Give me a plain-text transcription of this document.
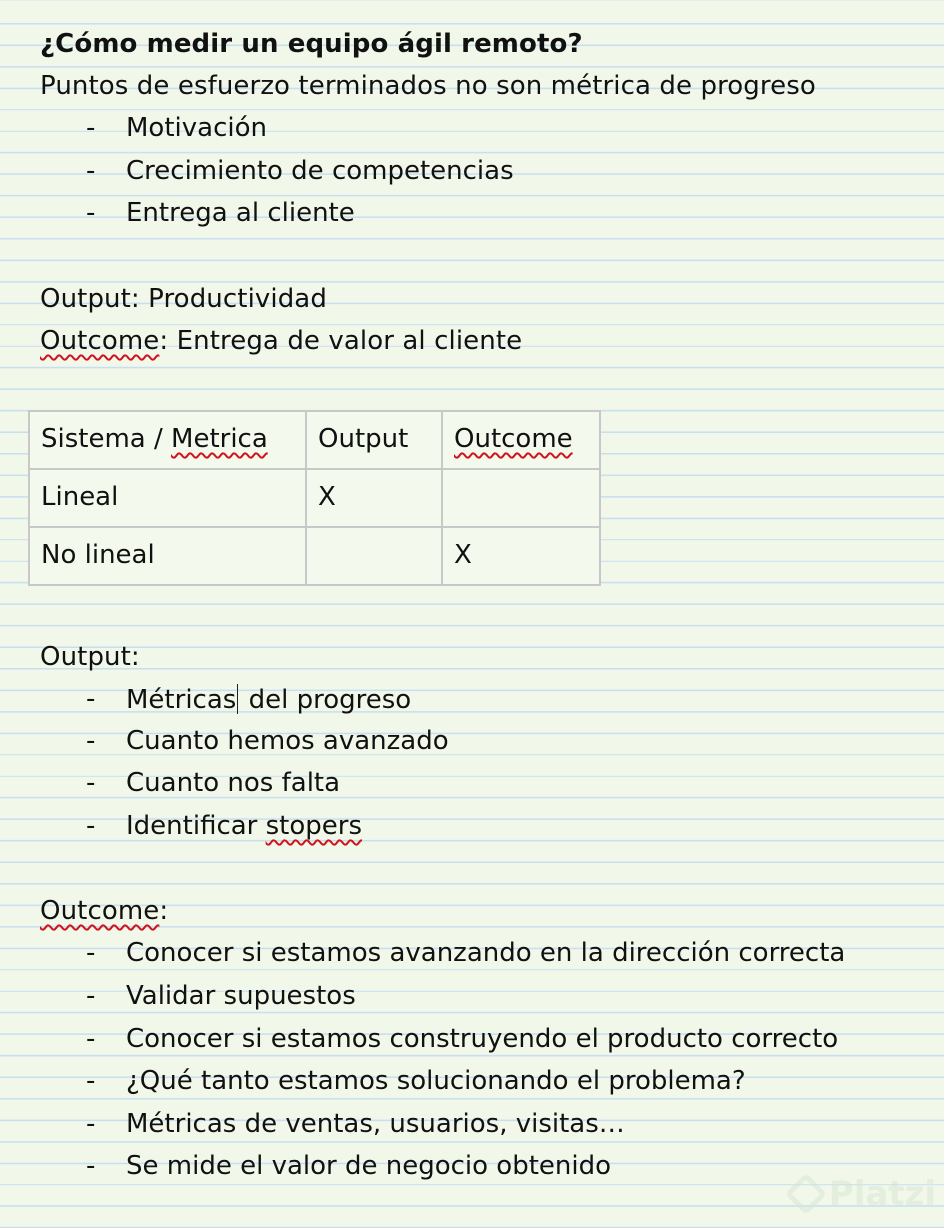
¿Cómo medir un equipo ágil remoto?
Puntos de esfuerzo terminados no son métrica de progreso
- Motivación
- Crecimiento de competencias
- Entrega al cliente
Output: Productividad
Outcome: Entrega de valor al cliente
Sistema / Metrica	Output	Outcome
Lineal	X	
No lineal		X
Output:
- Métricas del progreso
- Cuanto hemos avanzado
- Cuanto nos falta
- Identificar stopers
Outcome:
- Conocer si estamos avanzando en la dirección correcta
- Validar supuestos
- Conocer si estamos construyendo el producto correcto
- ¿Qué tanto estamos solucionando el problema?
- Métricas de ventas, usuarios, visitas…
- Se mide el valor de negocio obtenido
Platzi
